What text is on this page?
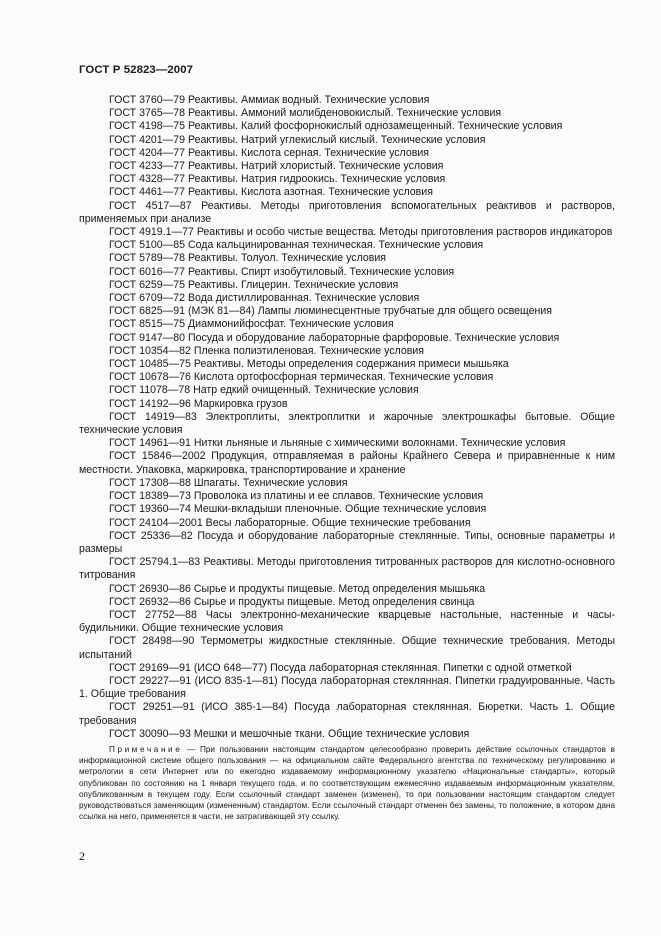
ГОСТ Р 52823—2007

ГОСТ 3760—79 Реактивы. Аммиак водный. Технические условия

ГОСТ 3765—78 Реактивы. Аммоний молибденовокислый. Технические условия

ГОСТ 4198—75 Реактивы. Калий фосфорнокислый однозамещенный. Технические условия

ГОСТ 4201—79 Реактивы. Натрий углекислый кислый. Технические условия

ГОСТ 4204—77 Реактивы. Кислота серная. Технические условия

ГОСТ 4233—77 Реактивы. Натрий хлористый. Технические условия

ГОСТ 4328—77 Реактивы. Натрия гидроокись. Технические условия

ГОСТ 4461—77 Реактивы. Кислота азотная. Технические условия

ГОСТ 4517—87 Реактивы. Методы приготовления вспомогательных реактивов и растворов, применяемых при анализе

ГОСТ 4919.1—77 Реактивы и особо чистые вещества. Методы приготовления растворов индикаторов

ГОСТ 5100—85 Сода кальцинированная техническая. Технические условия

ГОСТ 5789—78 Реактивы. Толуол. Технические условия

ГОСТ 6016—77 Реактивы. Спирт изобутиловый. Технические условия

ГОСТ 6259—75 Реактивы. Глицерин. Технические условия

ГОСТ 6709—72 Вода дистиллированная. Технические условия

ГОСТ 6825—91 (МЭК 81—84) Лампы люминесцентные трубчатые для общего освещения

ГОСТ 8515—75 Диаммонийфосфат. Технические условия

ГОСТ 9147—80 Посуда и оборудование лабораторные фарфоровые. Технические условия

ГОСТ 10354—82 Пленка полиэтиленовая. Технические условия

ГОСТ 10485—75 Реактивы. Методы определения содержания примеси мышьяка

ГОСТ 10678—76 Кислота ортофосфорная термическая. Технические условия

ГОСТ 11078—78 Натр едкий очищенный. Технические условия

ГОСТ 14192—96 Маркировка грузов

ГОСТ 14919—83 Электроплиты, электроплитки и жарочные электрошкафы бытовые. Общие технические условия

ГОСТ 14961—91 Нитки льняные и льняные с химическими волокнами. Технические условия

ГОСТ 15846—2002 Продукция, отправляемая в районы Крайнего Севера и приравненные к ним местности. Упаковка, маркировка, транспортирование и хранение

ГОСТ 17308—88 Шпагаты. Технические условия

ГОСТ 18389—73 Проволока из платины и ее сплавов. Технические условия

ГОСТ 19360—74 Мешки-вкладыши пленочные. Общие технические условия

ГОСТ 24104—2001 Весы лабораторные. Общие технические требования

ГОСТ 25336—82 Посуда и оборудование лабораторные стеклянные. Типы, основные параметры и размеры

ГОСТ 25794.1—83 Реактивы. Методы приготовления титрованных растворов для кислотно-основного титрования

ГОСТ 26930—86 Сырье и продукты пищевые. Метод определения мышьяка

ГОСТ 26932—86 Сырье и продукты пищевые. Метод определения свинца

ГОСТ 27752—88 Часы электронно-механические кварцевые настольные, настенные и часы-будильники. Общие технические условия

ГОСТ 28498—90 Термометры жидкостные стеклянные. Общие технические требования. Методы испытаний

ГОСТ 29169—91 (ИСО 648—77) Посуда лабораторная стеклянная. Пипетки с одной отметкой

ГОСТ 29227—91 (ИСО 835-1—81) Посуда лабораторная стеклянная. Пипетки градуированные. Часть 1. Общие требования

ГОСТ 29251—91 (ИСО 385-1—84) Посуда лабораторная стеклянная. Бюретки. Часть 1. Общие требования

ГОСТ 30090—93 Мешки и мешочные ткани. Общие технические условия

Примечание — При пользовании настоящим стандартом целесообразно проверить действие ссылочных стандартов в информационной системе общего пользования — на официальном сайте Федерального агентства по техническому регулированию и метрологии в сети Интернет или по ежегодно издаваемому информационному указателю «Национальные стандарты», который опубликован по состоянию на 1 января текущего года, и по соответствующим ежемесячно издаваемым информационным указателям, опубликованным в текущем году. Если ссылочный стандарт заменен (изменен), то при пользовании настоящим стандартом следует руководствоваться заменяющим (измененным) стандартом. Если ссылочный стандарт отменен без замены, то положение, в котором дана ссылка на него, применяется в части, не затрагивающей эту ссылку.

2
